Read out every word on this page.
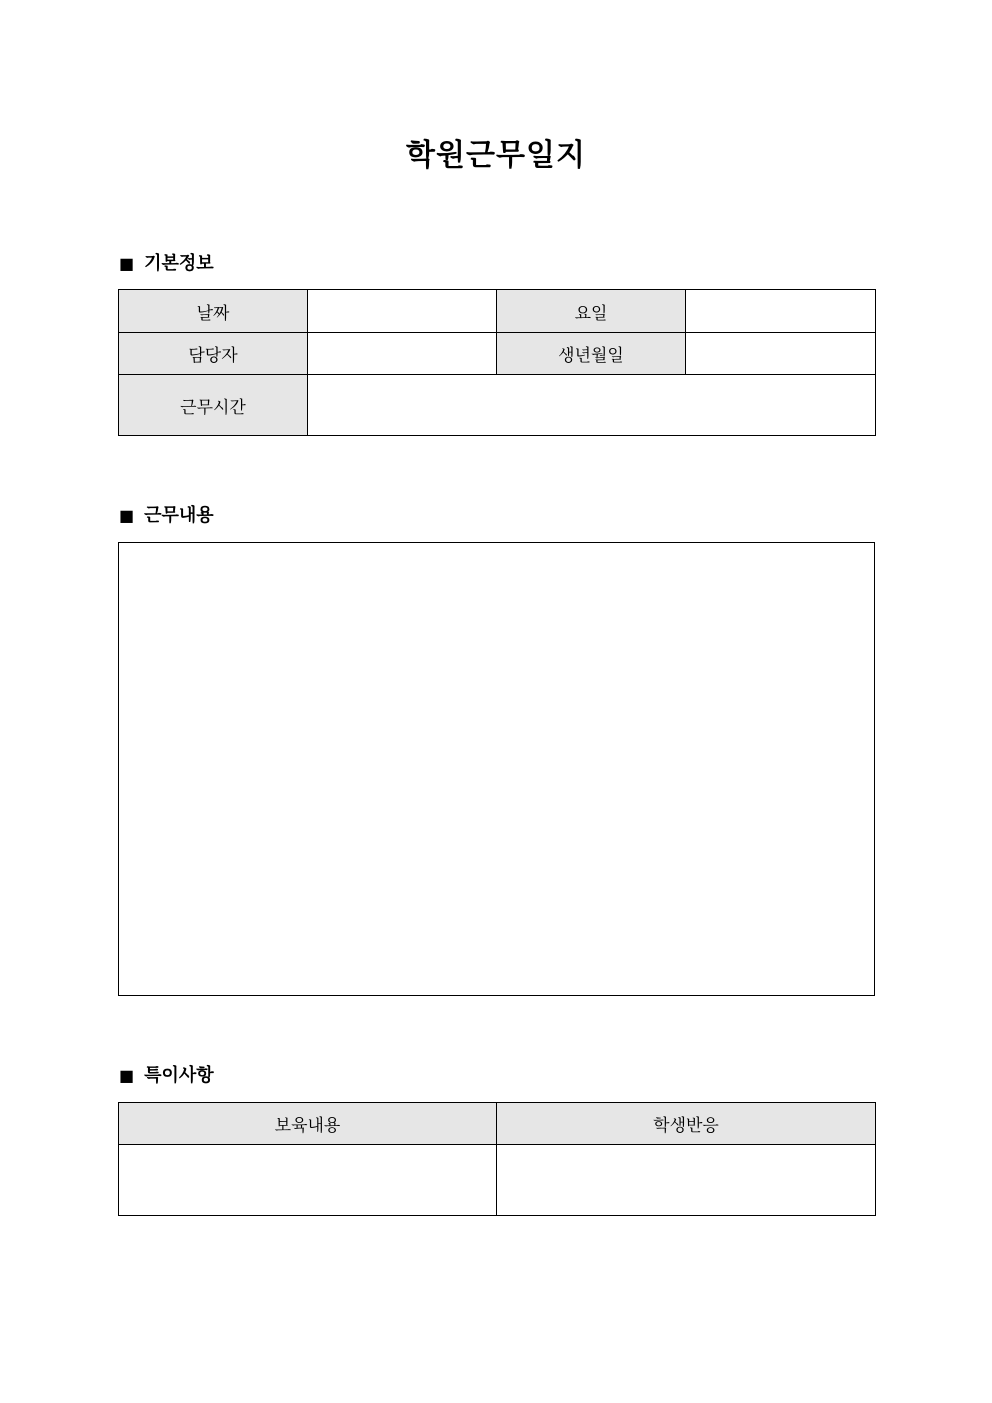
학원근무일지
■ 기본정보
날짜		요일	
담당자		생년월일	
근무시간			
■ 근무내용
■ 특이사항
보육내용	학생반응
